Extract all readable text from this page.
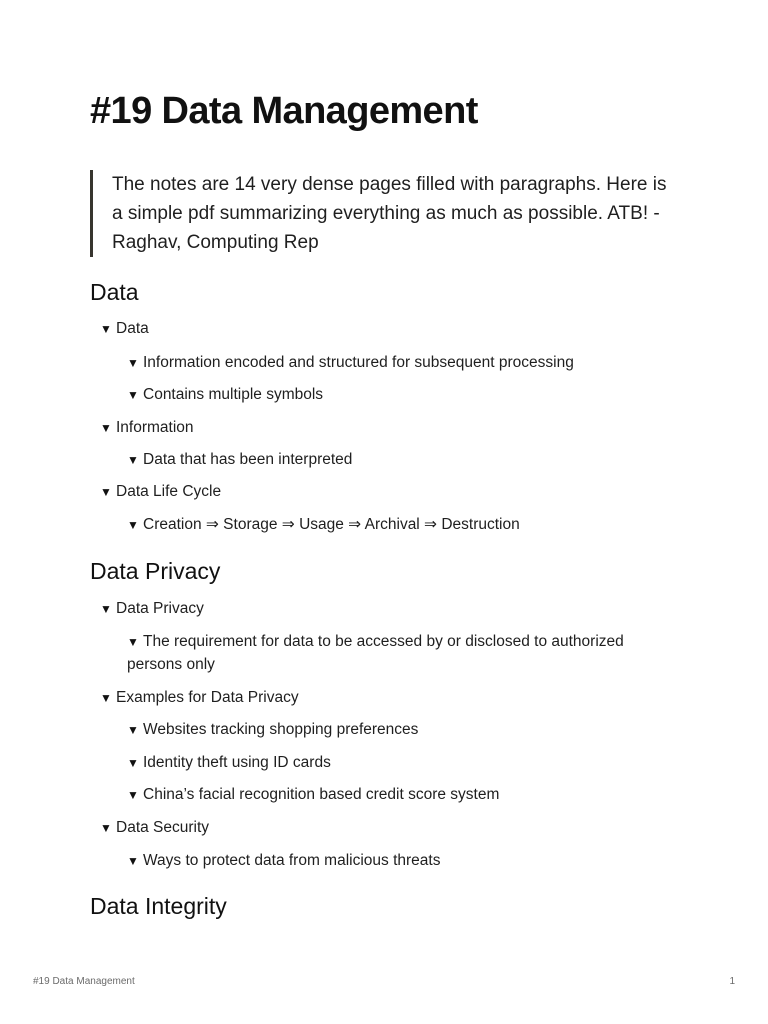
#19 Data Management
The notes are 14 very dense pages filled with paragraphs. Here is a simple pdf summarizing everything as much as possible. ATB! - Raghav, Computing Rep
Data
▼ Data
▼ Information encoded and structured for subsequent processing
▼ Contains multiple symbols
▼ Information
▼ Data that has been interpreted
▼ Data Life Cycle
▼ Creation ⇒ Storage ⇒ Usage ⇒ Archival ⇒ Destruction
Data Privacy
▼ Data Privacy
▼ The requirement for data to be accessed by or disclosed to authorized persons only
▼ Examples for Data Privacy
▼ Websites tracking shopping preferences
▼ Identity theft using ID cards
▼ China’s facial recognition based credit score system
▼ Data Security
▼ Ways to protect data from malicious threats
Data Integrity
#19 Data Management	1
